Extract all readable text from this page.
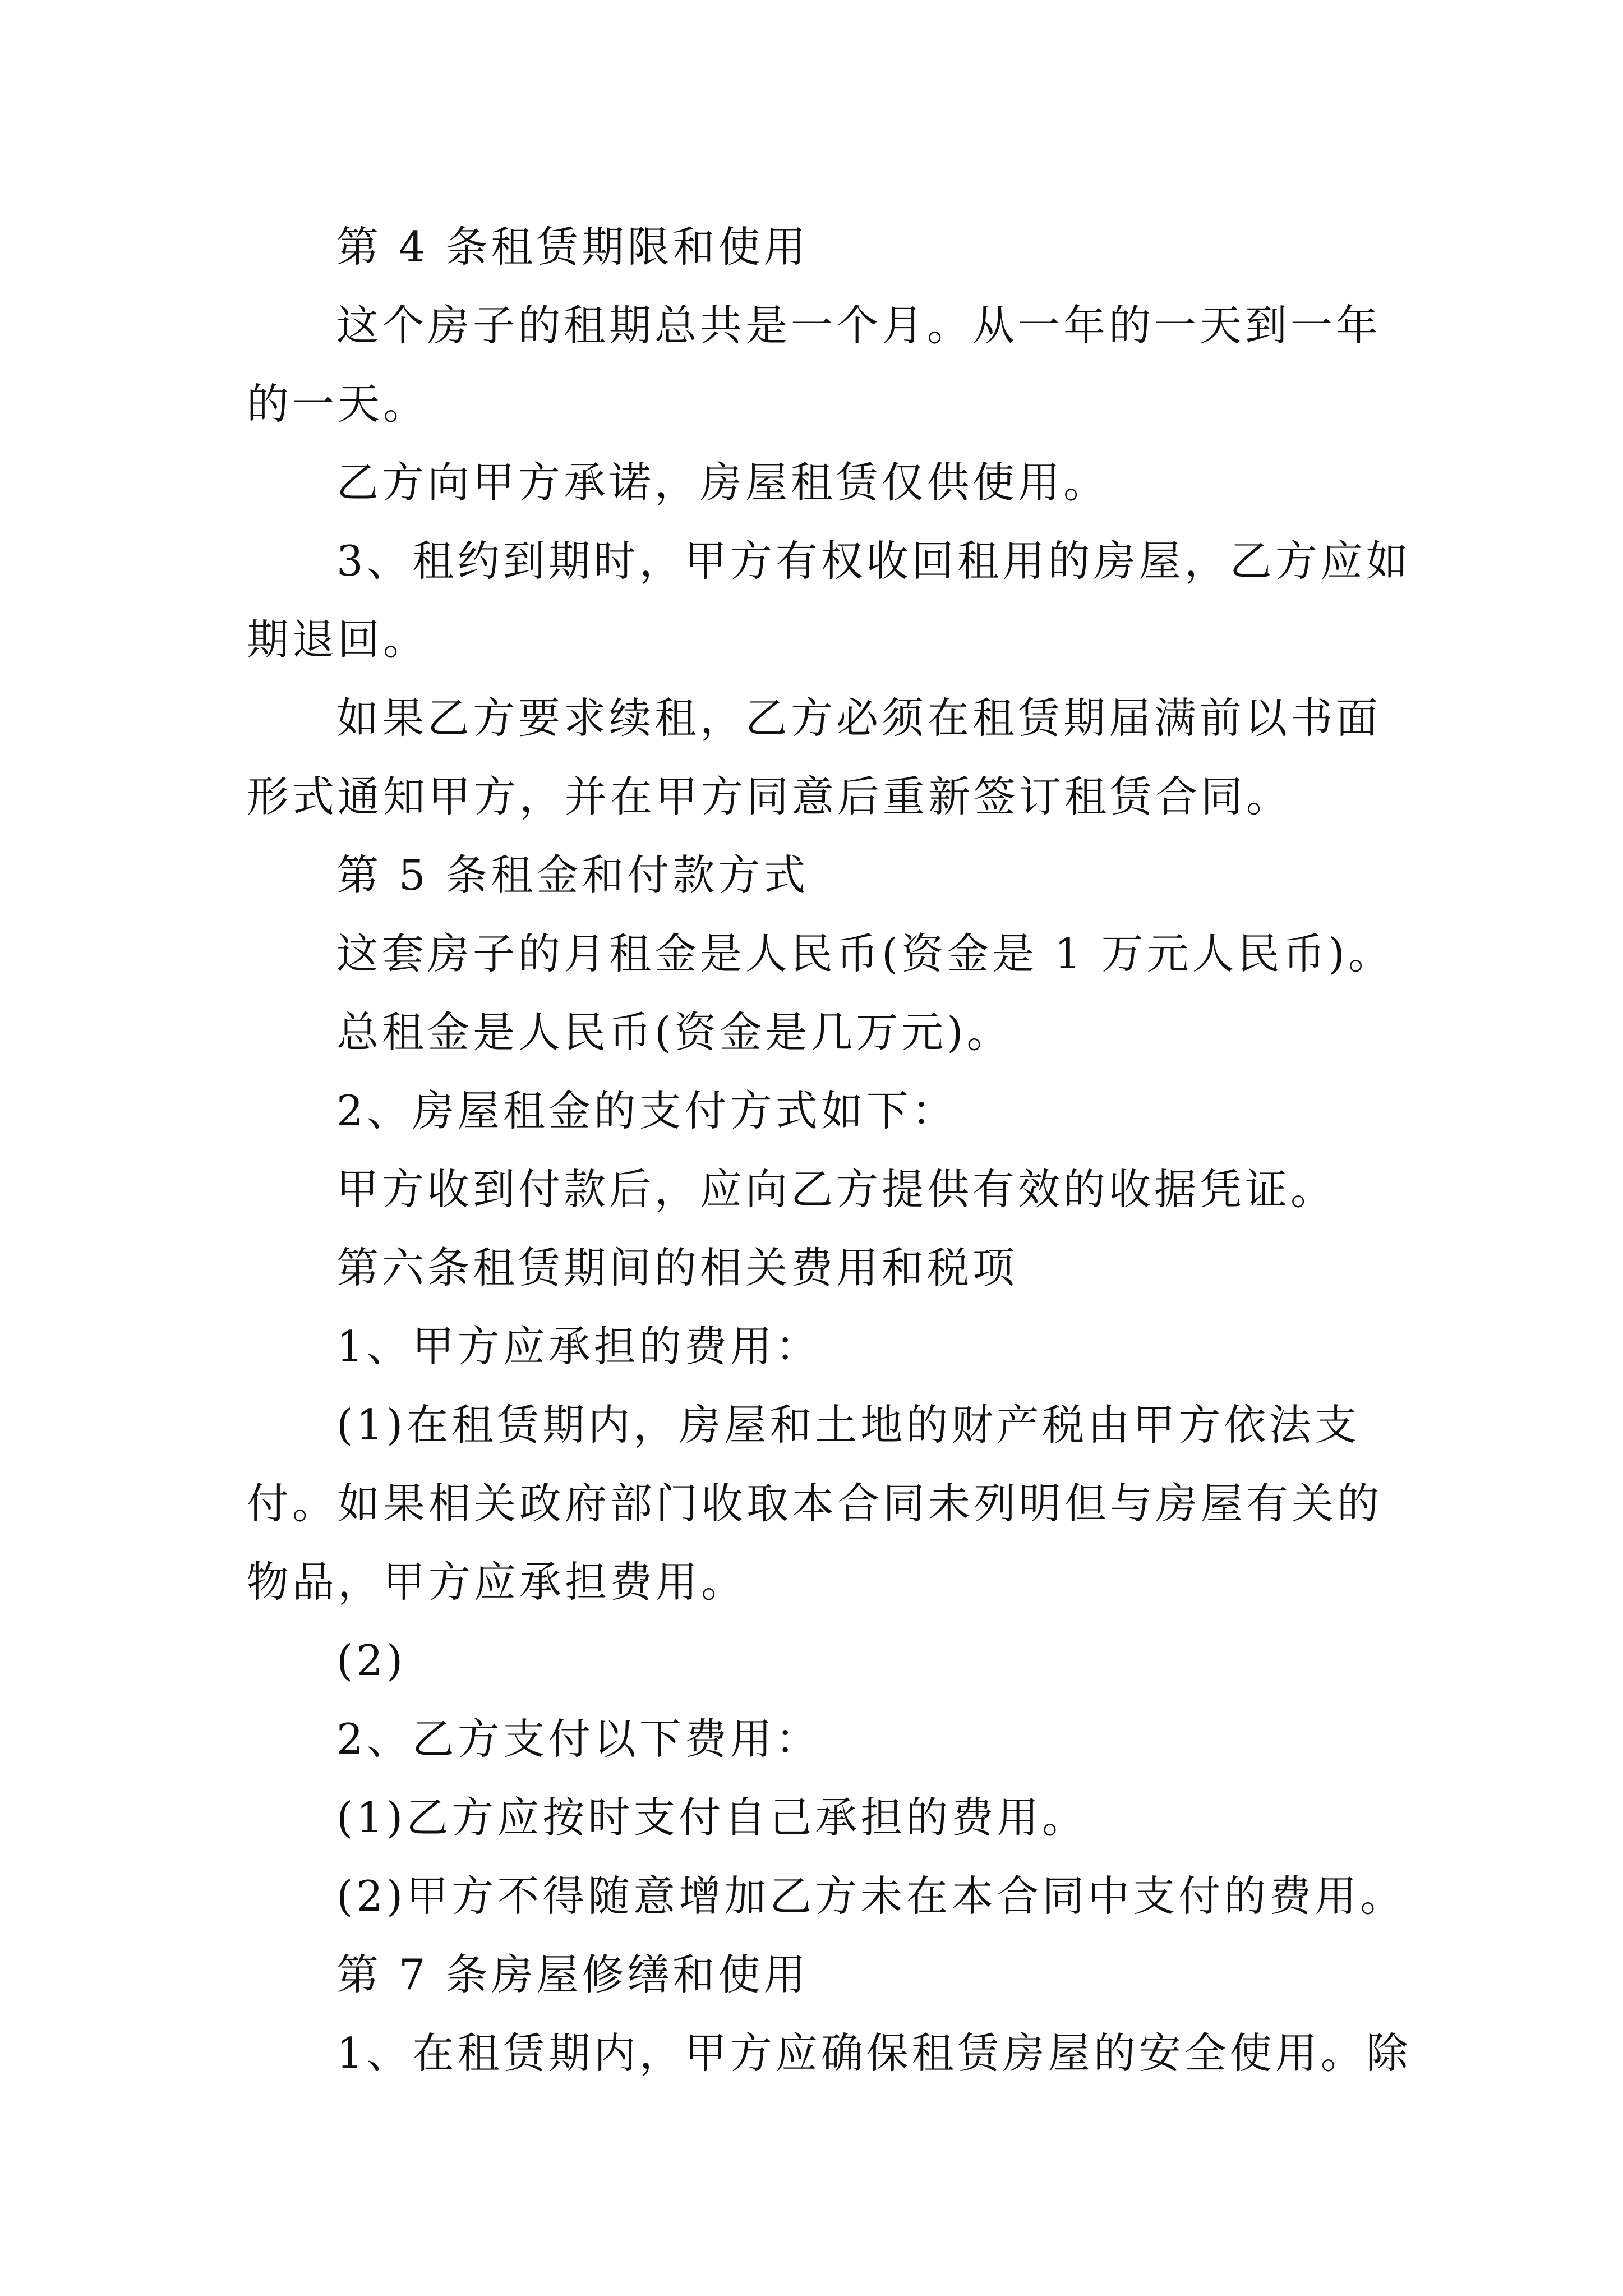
第 4 条租赁期限和使用

这个房子的租期总共是一个月。从一年的一天到一年的一天。

乙方向甲方承诺，房屋租赁仅供使用。

3、租约到期时，甲方有权收回租用的房屋，乙方应如期退回。

如果乙方要求续租，乙方必须在租赁期届满前以书面形式通知甲方，并在甲方同意后重新签订租赁合同。

第 5 条租金和付款方式

这套房子的月租金是人民币(资金是 1 万元人民币)。

总租金是人民币(资金是几万元)。

2、房屋租金的支付方式如下：

甲方收到付款后，应向乙方提供有效的收据凭证。

第六条租赁期间的相关费用和税项

1、甲方应承担的费用：

(1)在租赁期内，房屋和土地的财产税由甲方依法支付。如果相关政府部门收取本合同未列明但与房屋有关的物品，甲方应承担费用。

(2)

2、乙方支付以下费用：

(1)乙方应按时支付自己承担的费用。

(2)甲方不得随意增加乙方未在本合同中支付的费用。

第 7 条房屋修缮和使用

1、在租赁期内，甲方应确保租赁房屋的安全使用。除
